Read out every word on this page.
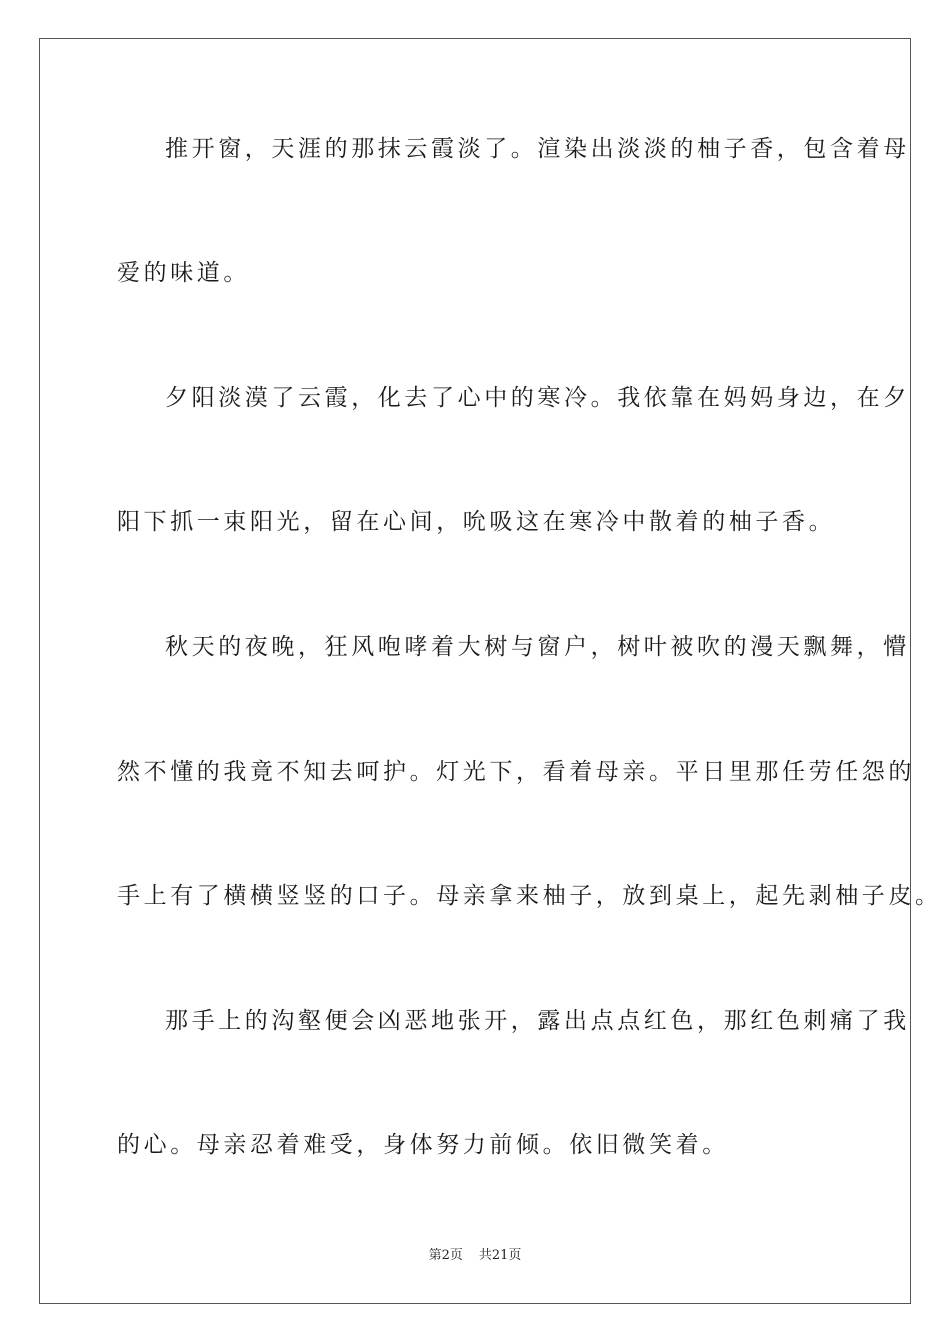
推开窗，天涯的那抹云霞淡了。渲染出淡淡的柚子香，包含着母
爱的味道。
夕阳淡漠了云霞，化去了心中的寒冷。我依靠在妈妈身边，在夕
阳下抓一束阳光，留在心间，吮吸这在寒冷中散着的柚子香。
秋天的夜晚，狂风咆哮着大树与窗户，树叶被吹的漫天飘舞，懵
然不懂的我竟不知去呵护。灯光下，看着母亲。平日里那任劳任怨的
手上有了横横竖竖的口子。母亲拿来柚子，放到桌上，起先剥柚子皮。
那手上的沟壑便会凶恶地张开，露出点点红色，那红色刺痛了我
的心。母亲忍着难受，身体努力前倾。依旧微笑着。
第2页 共21页
